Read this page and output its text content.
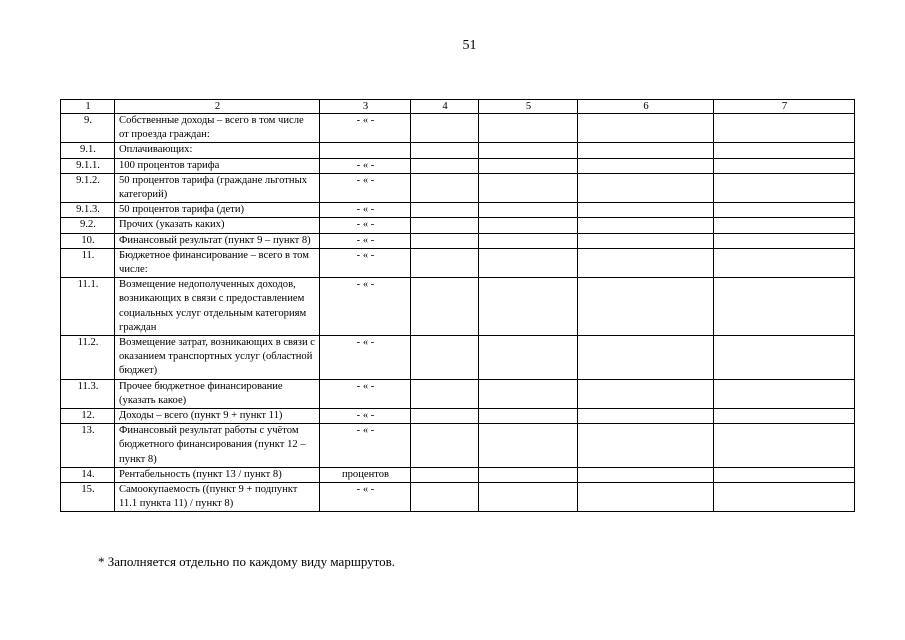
51
1	2	3	4	5	6	7
9.	Собственные доходы – всего в том числе от проезда граждан:	- « -				
9.1.	Оплачивающих:					
9.1.1.	100 процентов тарифа	- « -				
9.1.2.	50 процентов тарифа (граждане льготных категорий)	- « -				
9.1.3.	50 процентов тарифа (дети)	- « -				
9.2.	Прочих (указать каких)	- « -				
10.	Финансовый результат (пункт 9 – пункт 8)	- « -				
11.	Бюджетное финансирование – всего в том числе:	- « -				
11.1.	Возмещение недополученных доходов, возникающих в связи с предоставлением социальных услуг отдельным категориям граждан	- « -				
11.2.	Возмещение затрат, возникающих в связи с оказанием транспортных услуг (областной бюджет)	- « -				
11.3.	Прочее бюджетное финансирование (указать какое)	- « -				
12.	Доходы – всего (пункт 9 + пункт 11)	- « -				
13.	Финансовый результат работы с учётом бюджетного финансирования (пункт 12 – пункт 8)	- « -				
14.	Рентабельность (пункт 13 / пункт 8)	процентов				
15.	Самоокупаемость ((пункт 9 + подпункт 11.1 пункта 11) / пункт 8)	- « -				
* Заполняется отдельно по каждому виду маршрутов.
